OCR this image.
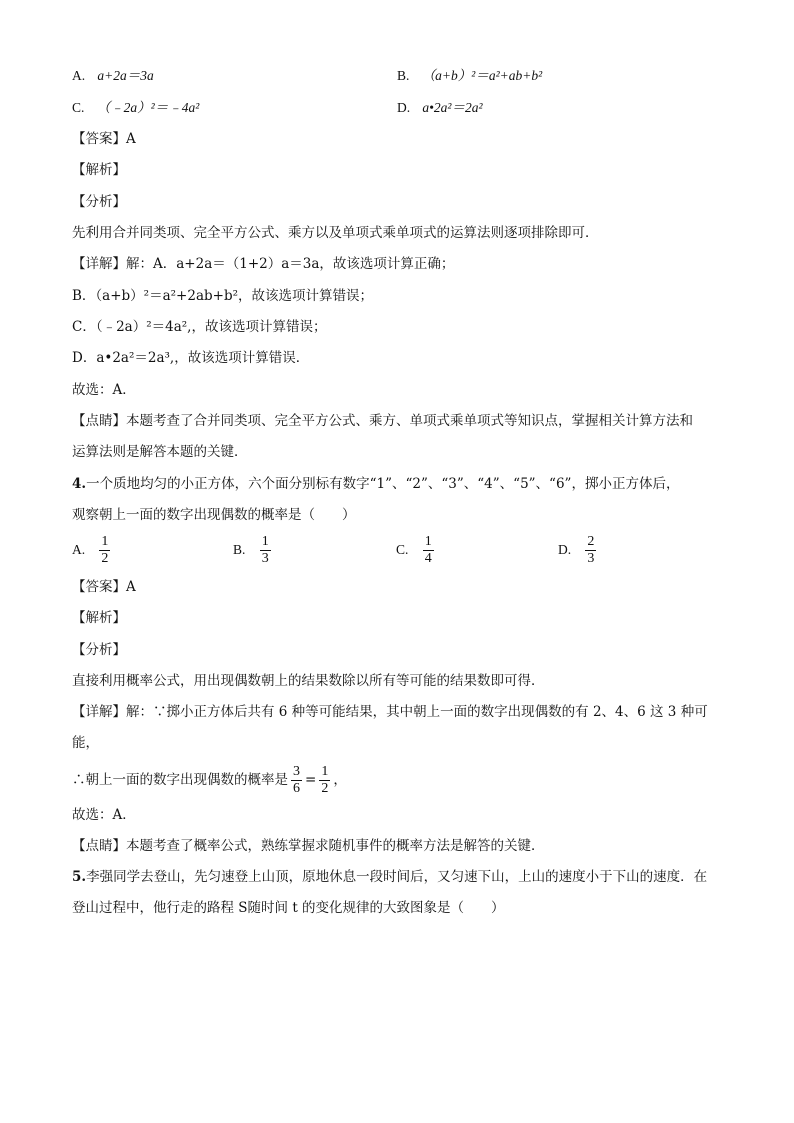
A. a+2a＝3a	B. （a+b）²＝a²+ab+b²
C. （﹣2a）²＝﹣4a²	D. a•2a²＝2a²
【答案】A
【解析】
【分析】
先利用合并同类项、完全平方公式、乘方以及单项式乘单项式的运算法则逐项排除即可．
【详解】解：A．a+2a＝（1+2）a＝3a，故该选项计算正确；
B．（a+b）²＝a²+2ab+b²，故该选项计算错误；
C．（﹣2a）²＝4a²,，故该选项计算错误；
D．a•2a²＝2a³,，故该选项计算错误．
故选：A．
【点睛】本题考查了合并同类项、完全平方公式、乘方、单项式乘单项式等知识点，掌握相关计算方法和
运算法则是解答本题的关键．
4.一个质地均匀的小正方体，六个面分别标有数字“1”、“2”、“3”、“4”、“5”、“6”，掷小正方体后，
观察朝上一面的数字出现偶数的概率是（　　）
A. $\frac{1}{2}$	B. $\frac{1}{3}$	C. $\frac{1}{4}$	D. $\frac{2}{3}$
【答案】A
【解析】
【分析】
直接利用概率公式，用出现偶数朝上的结果数除以所有等可能的结果数即可得．
【详解】解：∵掷小正方体后共有 6 种等可能结果，其中朝上一面的数字出现偶数的有 2、4、6 这 3 种可
能，
∴朝上一面的数字出现偶数的概率是 $\frac{3}{6} = \frac{1}{2}$ ，
故选：A．
【点睛】本题考查了概率公式，熟练掌握求随机事件的概率方法是解答的关键．
5.李强同学去登山，先匀速登上山顶，原地休息一段时间后，又匀速下山，上山的速度小于下山的速度．在
登山过程中，他行走的路程 S随时间 t 的变化规律的大致图象是（　　）
